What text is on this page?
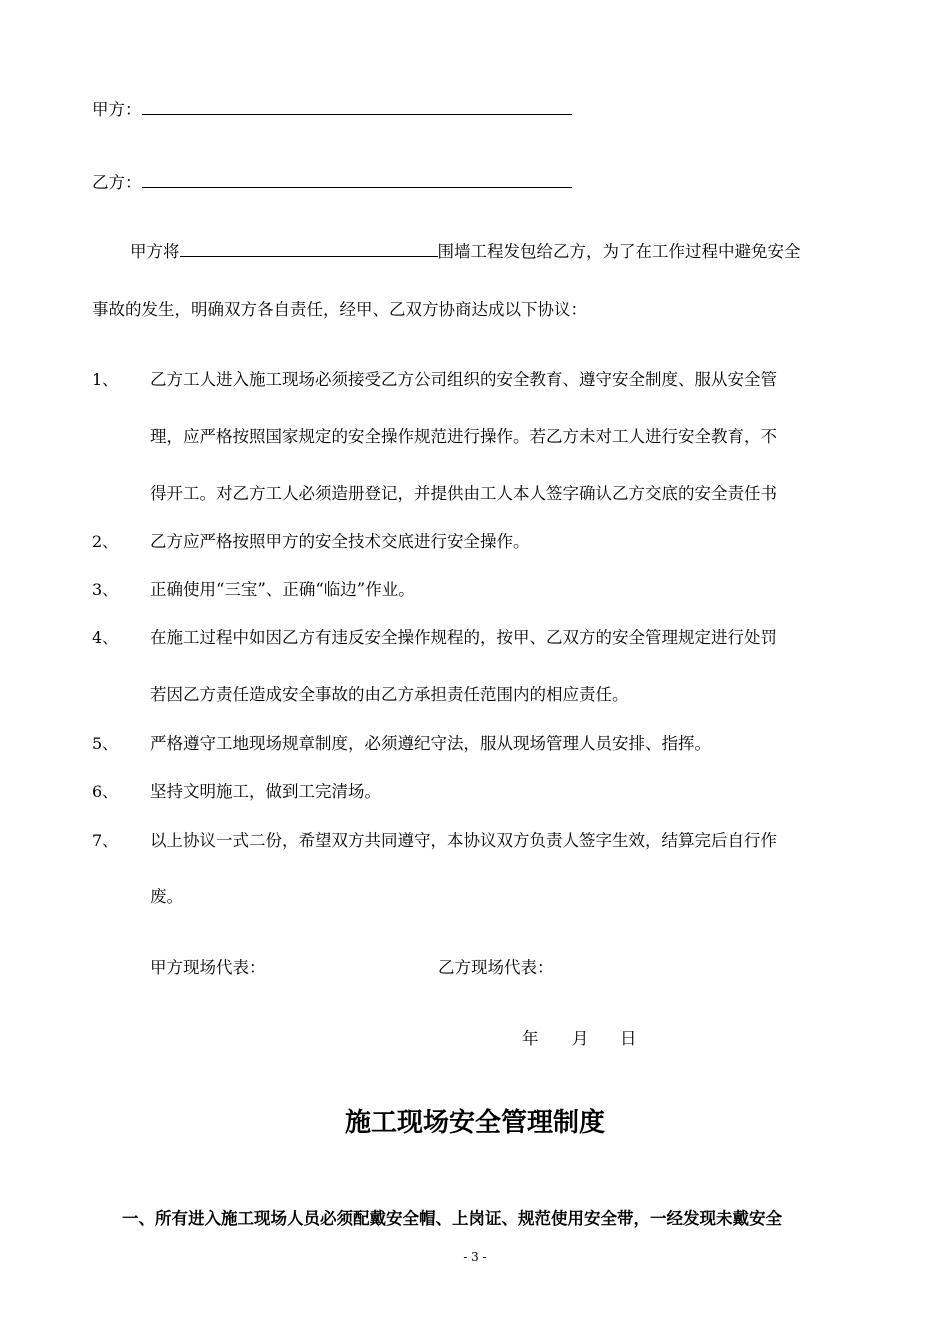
甲方：
乙方：
甲方将	围墙工程发包给乙方，为了在工作过程中避免安全
事故的发生，明确双方各自责任，经甲、乙双方协商达成以下协议：
1、 乙方工人进入施工现场必须接受乙方公司组织的安全教育、遵守安全制度、服从安全管
理，应严格按照国家规定的安全操作规范进行操作。若乙方未对工人进行安全教育，不
得开工。对乙方工人必须造册登记，并提供由工人本人签字确认乙方交底的安全责任书
2、 乙方应严格按照甲方的安全技术交底进行安全操作。
3、 正确使用“三宝”、正确“临边”作业。
4、 在施工过程中如因乙方有违反安全操作规程的，按甲、乙双方的安全管理规定进行处罚
若因乙方责任造成安全事故的由乙方承担责任范围内的相应责任。
5、 严格遵守工地现场规章制度，必须遵纪守法，服从现场管理人员安排、指挥。
6、 坚持文明施工，做到工完清场。
7、 以上协议一式二份，希望双方共同遵守，本协议双方负责人签字生效，结算完后自行作
废。
甲方现场代表：	乙方现场代表：
年 月 日
施工现场安全管理制度
一、所有进入施工现场人员必须配戴安全帽、上岗证、规范使用安全带，一经发现未戴安全
- 3 -
